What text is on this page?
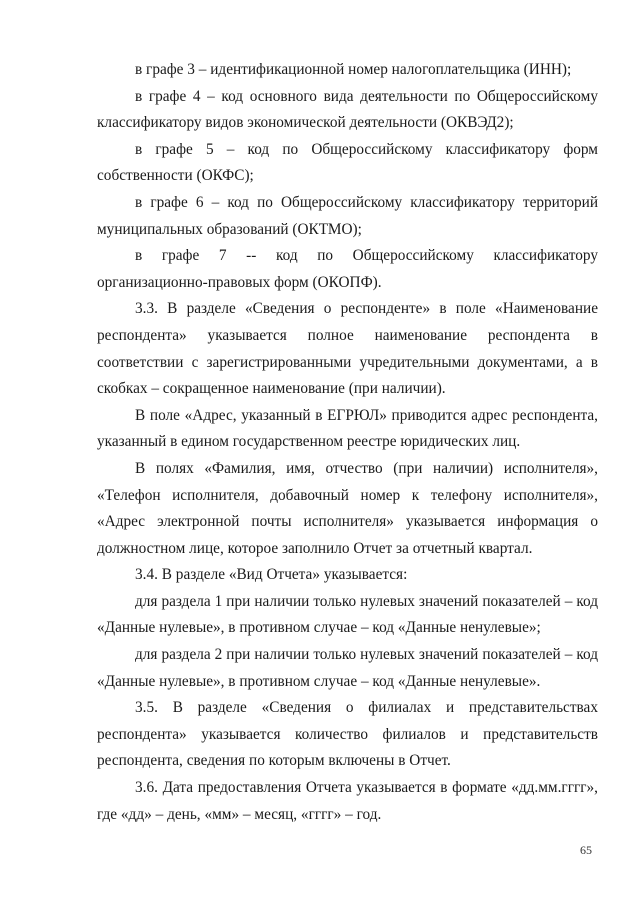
в графе 3 – идентификационной номер налогоплательщика (ИНН);

в графе 4 – код основного вида деятельности по Общероссийскому классификатору видов экономической деятельности (ОКВЭД2);

в графе 5 – код по Общероссийскому классификатору форм собственности (ОКФС);

в графе 6 – код по Общероссийскому классификатору территорий муниципальных образований (ОКТМО);

в графе 7 -- код по Общероссийскому классификатору организационно-правовых форм (ОКОПФ).

3.3. В разделе «Сведения о респонденте» в поле «Наименование респондента» указывается полное наименование респондента в соответствии с зарегистрированными учредительными документами, а в скобках – сокращенное наименование (при наличии).

В поле «Адрес, указанный в ЕГРЮЛ» приводится адрес респондента, указанный в едином государственном реестре юридических лиц.

В полях «Фамилия, имя, отчество (при наличии) исполнителя», «Телефон исполнителя, добавочный номер к телефону исполнителя», «Адрес электронной почты исполнителя» указывается информация о должностном лице, которое заполнило Отчет за отчетный квартал.

3.4. В разделе «Вид Отчета» указывается:

для раздела 1 при наличии только нулевых значений показателей – код «Данные нулевые», в противном случае – код «Данные ненулевые»;

для раздела 2 при наличии только нулевых значений показателей – код «Данные нулевые», в противном случае – код «Данные ненулевые».

3.5. В разделе «Сведения о филиалах и представительствах респондента» указывается количество филиалов и представительств респондента, сведения по которым включены в Отчет.

3.6. Дата предоставления Отчета указывается в формате «дд.мм.гггг», где «дд» – день, «мм» – месяц, «гггг» – год.

65
